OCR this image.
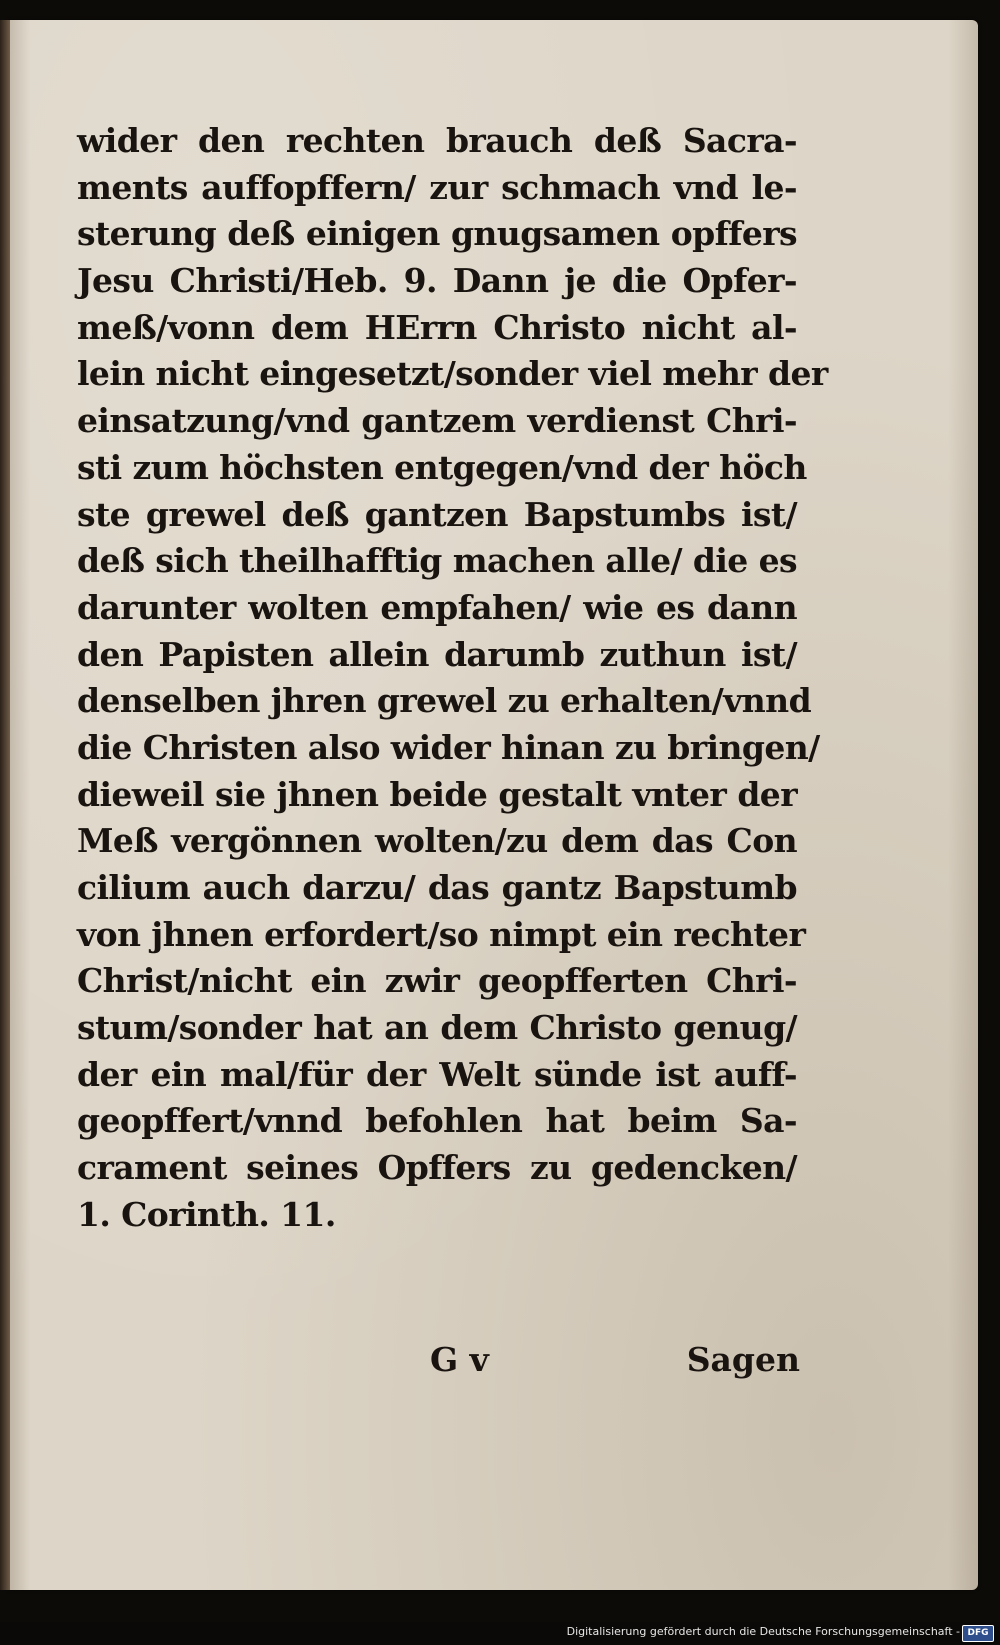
wider den rechten brauch deß Sacra-
ments auffopffern/ zur schmach vnd le-
sterung deß einigen gnugsamen opffers
Jesu Christi/Heb. 9. Dann je die Opfer-
meß/vonn dem HErrn Christo nicht al-
lein nicht eingesetzt/sonder viel mehr der
einsatzung/vnd gantzem verdienst Chri-
sti zum höchsten entgegen/vnd der höch
ste grewel deß gantzen Bapstumbs ist/
deß sich theilhafftig machen alle/ die es
darunter wolten empfahen/ wie es dann
den Papisten allein darumb zuthun ist/
denselben jhren grewel zu erhalten/vnnd
die Christen also wider hinan zu bringen/
dieweil sie jhnen beide gestalt vnter der
Meß vergönnen wolten/zu dem das Con
cilium auch darzu/ das gantz Bapstumb
von jhnen erfordert/so nimpt ein rechter
Christ/nicht ein zwir geopfferten Chri-
stum/sonder hat an dem Christo genug/
der ein mal/für der Welt sünde ist auff-
geopffert/vnnd befohlen hat beim Sa-
crament seines Opffers zu gedencken/
1. Corinth. 11.
G v	Sagen
Digitalisierung gefördert durch die Deutsche Forschungsgemeinschaft - DFG
